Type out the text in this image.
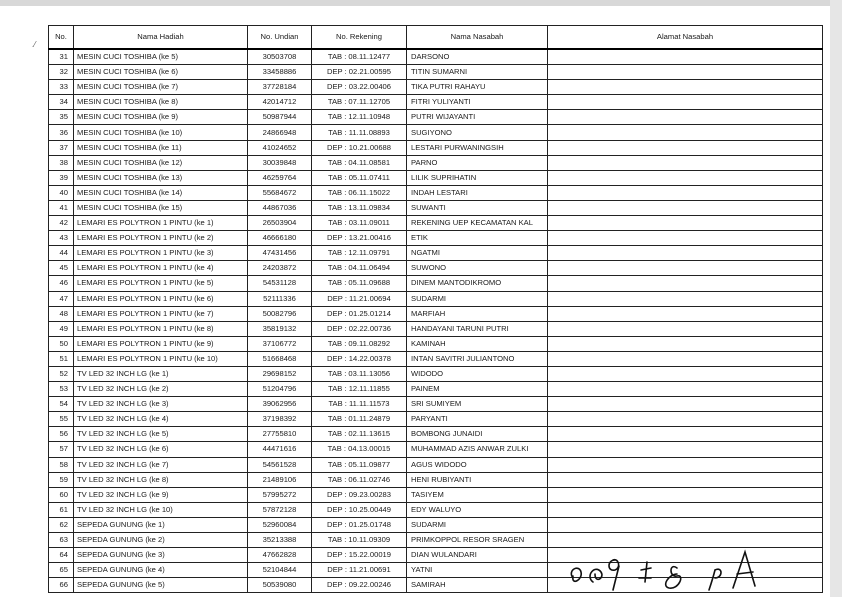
.⁄
No.	Nama Hadiah	No. Undian	No. Rekening	Nama Nasabah	Alamat Nasabah
31	MESIN CUCI TOSHIBA (ke 5)	30503708	TAB : 08.11.12477	DARSONO	
32	MESIN CUCI TOSHIBA (ke 6)	33458886	DEP : 02.21.00595	TITIN SUMARNI	
33	MESIN CUCI TOSHIBA (ke 7)	37728184	DEP : 03.22.00406	TIKA PUTRI RAHAYU	
34	MESIN CUCI TOSHIBA (ke 8)	42014712	TAB : 07.11.12705	FITRI YULIYANTI	
35	MESIN CUCI TOSHIBA (ke 9)	50987944	TAB : 12.11.10948	PUTRI WIJAYANTI	
36	MESIN CUCI TOSHIBA (ke 10)	24866948	TAB : 11.11.08893	SUGIYONO	
37	MESIN CUCI TOSHIBA (ke 11)	41024652	DEP : 10.21.00688	LESTARI PURWANINGSIH	
38	MESIN CUCI TOSHIBA (ke 12)	30039848	TAB : 04.11.08581	PARNO	
39	MESIN CUCI TOSHIBA (ke 13)	46259764	TAB : 05.11.07411	LILIK SUPRIHATIN	
40	MESIN CUCI TOSHIBA (ke 14)	55684672	TAB : 06.11.15022	INDAH LESTARI	
41	MESIN CUCI TOSHIBA (ke 15)	44867036	TAB : 13.11.09834	SUWANTI	
42	LEMARI ES POLYTRON 1 PINTU (ke 1)	26503904	TAB : 03.11.09011	REKENING UEP KECAMATAN KAL	
43	LEMARI ES POLYTRON 1 PINTU (ke 2)	46666180	DEP : 13.21.00416	ETIK	
44	LEMARI ES POLYTRON 1 PINTU (ke 3)	47431456	TAB : 12.11.09791	NGATMI	
45	LEMARI ES POLYTRON 1 PINTU (ke 4)	24203872	TAB : 04.11.06494	SUWONO	
46	LEMARI ES POLYTRON 1 PINTU (ke 5)	54531128	TAB : 05.11.09688	DINEM MANTODIKROMO	
47	LEMARI ES POLYTRON 1 PINTU (ke 6)	52111336	DEP : 11.21.00694	SUDARMI	
48	LEMARI ES POLYTRON 1 PINTU (ke 7)	50082796	DEP : 01.25.01214	MARFIAH	
49	LEMARI ES POLYTRON 1 PINTU (ke 8)	35819132	DEP : 02.22.00736	HANDAYANI TARUNI PUTRI	
50	LEMARI ES POLYTRON 1 PINTU (ke 9)	37106772	TAB : 09.11.08292	KAMINAH	
51	LEMARI ES POLYTRON 1 PINTU (ke 10)	51668468	DEP : 14.22.00378	INTAN SAVITRI JULIANTONO	
52	TV LED 32 INCH LG (ke 1)	29698152	TAB : 03.11.13056	WIDODO	
53	TV LED 32 INCH LG (ke 2)	51204796	TAB : 12.11.11855	PAINEM	
54	TV LED 32 INCH LG (ke 3)	39062956	TAB : 11.11.11573	SRI SUMIYEM	
55	TV LED 32 INCH LG (ke 4)	37198392	TAB : 01.11.24879	PARYANTI	
56	TV LED 32 INCH LG (ke 5)	27755810	TAB : 02.11.13615	BOMBONG JUNAIDI	
57	TV LED 32 INCH LG (ke 6)	44471616	TAB : 04.13.00015	MUHAMMAD AZIS ANWAR ZULKI	
58	TV LED 32 INCH LG (ke 7)	54561528	TAB : 05.11.09877	AGUS WIDODO	
59	TV LED 32 INCH LG (ke 8)	21489106	TAB : 06.11.02746	HENI RUBIYANTI	
60	TV LED 32 INCH LG (ke 9)	57995272	DEP : 09.23.00283	TASIYEM	
61	TV LED 32 INCH LG (ke 10)	57872128	DEP : 10.25.00449	EDY WALUYO	
62	SEPEDA GUNUNG (ke 1)	52960084	DEP : 01.25.01748	SUDARMI	
63	SEPEDA GUNUNG (ke 2)	35213388	TAB : 10.11.09309	PRIMKOPPOL RESOR SRAGEN	
64	SEPEDA GUNUNG (ke 3)	47662828	DEP : 15.22.00019	DIAN WULANDARI	
65	SEPEDA GUNUNG (ke 4)	52104844	DEP : 11.21.00691	YATNI	
66	SEPEDA GUNUNG (ke 5)	50539080	DEP : 09.22.00246	SAMIRAH	
